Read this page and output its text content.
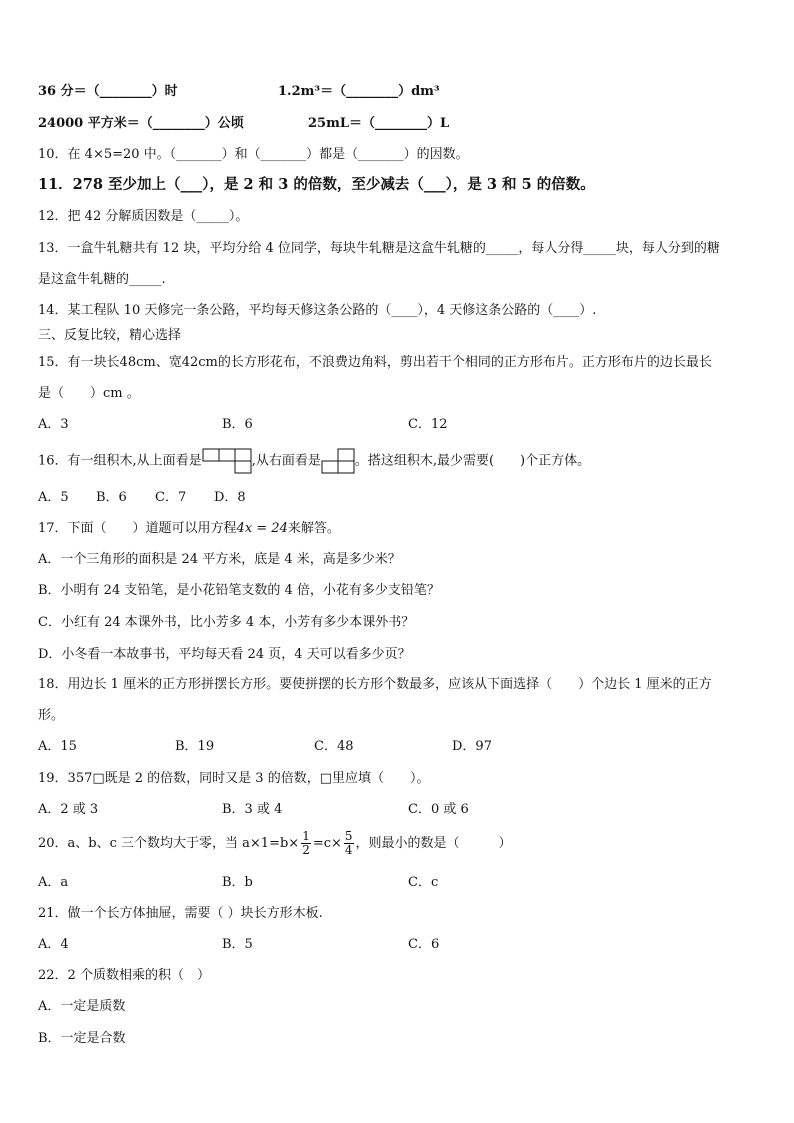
36 分＝（________）时	1.2m³＝（________）dm³
24000 平方米＝（________）公顷	25mL＝（________）L
10．在 4×5=20 中。（_______）和（_______）都是（_______）的因数。
11．278 至少加上（___），是 2 和 3 的倍数，至少减去（___），是 3 和 5 的倍数。
12．把 42 分解质因数是（_____）。
13．一盒牛轧糖共有 12 块，平均分给 4 位同学，每块牛轧糖是这盒牛轧糖的_____，每人分得_____块，每人分到的糖
是这盒牛轧糖的_____.
14．某工程队 10 天修完一条公路，平均每天修这条公路的（____），4 天修这条公路的（____）.
三、反复比较，精心选择
15．有一块长48cm、宽42cm的长方形花布，不浪费边角料，剪出若干个相同的正方形布片。正方形布片的边长最长
是（　　）cm 。
A．3	B．6	C．12
16．有一组积木,从上面看是	,从右面看是	。搭这组积木,最少需要(　　)个正方体。
A．5 B．6 C．7 D．8
17．下面（　　）道题可以用方程4x = 24来解答。
A．一个三角形的面积是 24 平方米，底是 4 米，高是多少米？
B．小明有 24 支铅笔，是小花铅笔支数的 4 倍，小花有多少支铅笔？
C．小红有 24 本课外书，比小芳多 4 本，小芳有多少本课外书？
D．小冬看一本故事书，平均每天看 24 页，4 天可以看多少页？
18．用边长 1 厘米的正方形拼摆长方形。要使拼摆的长方形个数最多，应该从下面选择（　　）个边长 1 厘米的正方
形。
A．15	B．19	C．48	D．97
19．357□既是 2 的倍数，同时又是 3 的倍数，□里应填（　　）。
A．2 或 3	B．3 或 4	C．0 或 6
20．a、b、c 三个数均大于零，当 $a\times 1=b\times \frac{1}{2} =c\times \frac{5}{4}$ ，则最小的数是（　　　）
A．a	B．b	C．c
21．做一个长方体抽屉，需要（ ）块长方形木板.
A．4	B．5	C．6
22．2 个质数相乘的积（　）
A．一定是质数
B．一定是合数
